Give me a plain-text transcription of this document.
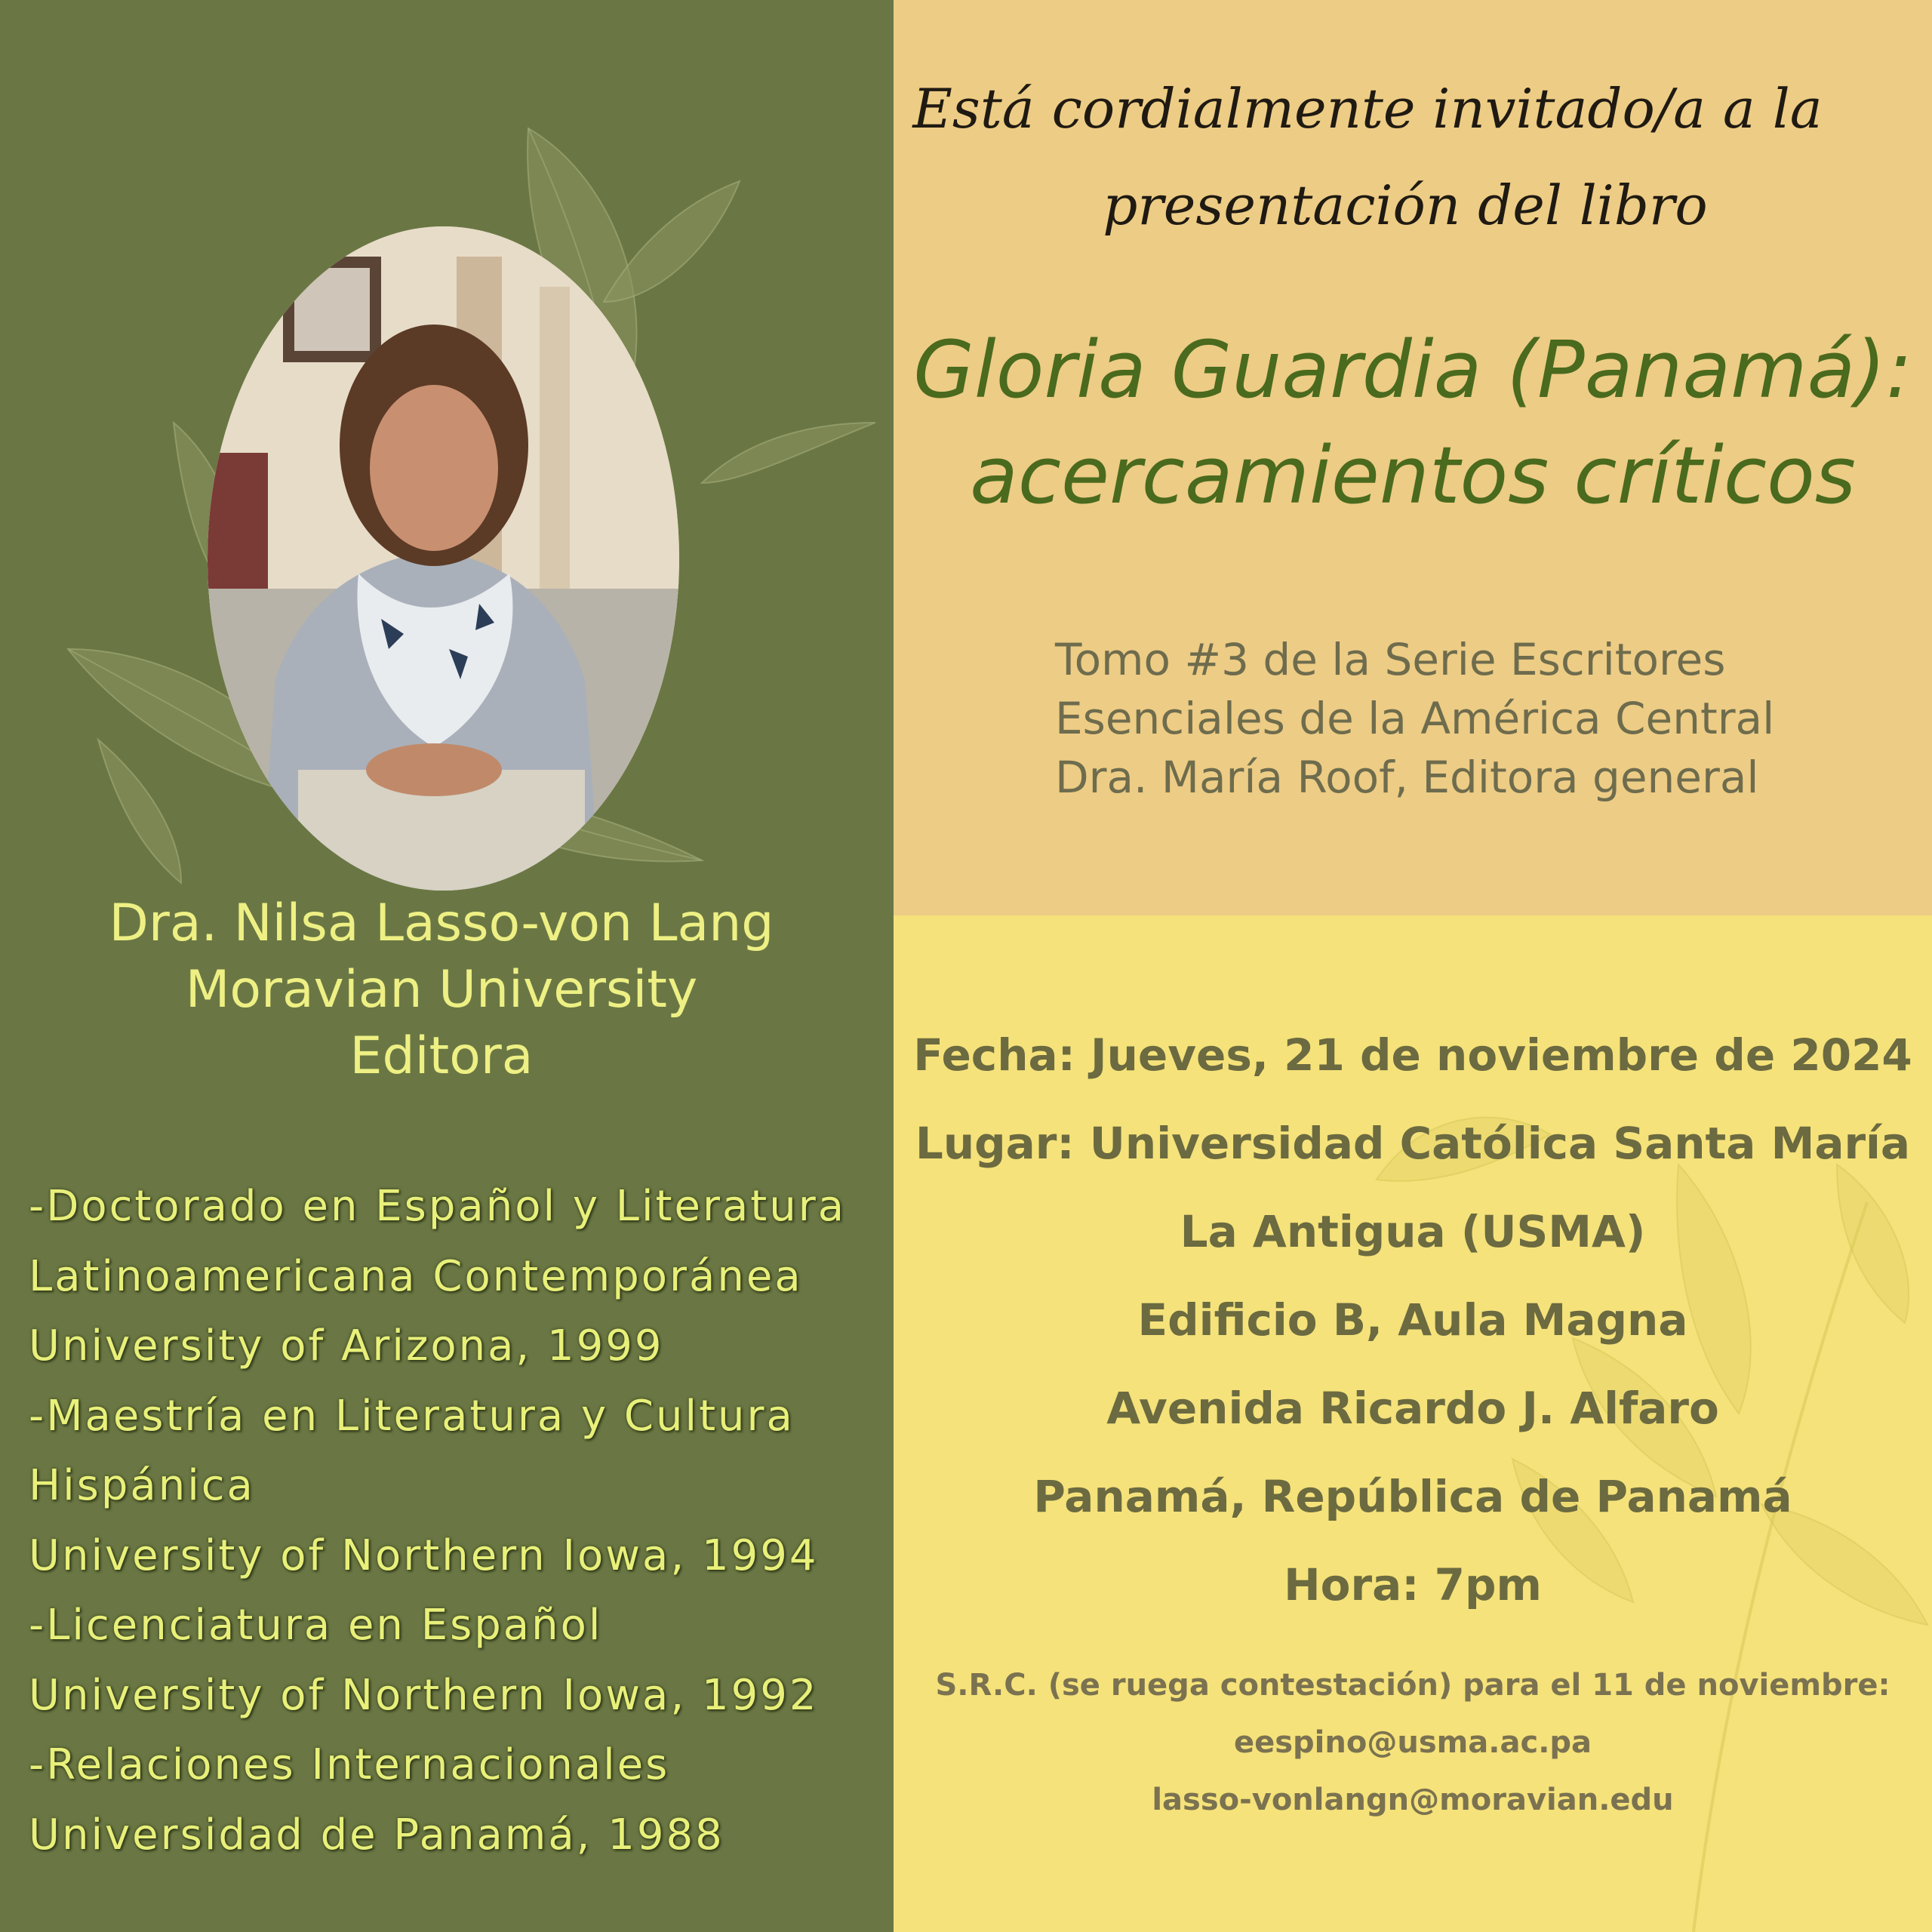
Dra. Nilsa Lasso-von Lang
Moravian University
Editora
-Doctorado en Español y Literatura
Latinoamericana Contemporánea
University of Arizona, 1999
-Maestría en Literatura y Cultura
Hispánica
University of Northern Iowa, 1994
-Licenciatura en Español
University of Northern Iowa, 1992
-Relaciones Internacionales
Universidad de Panamá, 1988
Está cordialmente invitado/a a la
presentación del libro
Gloria Guardia (Panamá):
acercamientos críticos
Tomo #3 de la Serie Escritores
Esenciales de la América Central
Dra. María Roof, Editora general
Fecha: Jueves, 21 de noviembre de 2024
Lugar: Universidad Católica Santa María
La Antigua (USMA)
Edificio B, Aula Magna
Avenida Ricardo J. Alfaro
Panamá, República de Panamá
Hora: 7pm
S.R.C. (se ruega contestación) para el 11 de noviembre:
eespino@usma.ac.pa
lasso-vonlangn@moravian.edu
